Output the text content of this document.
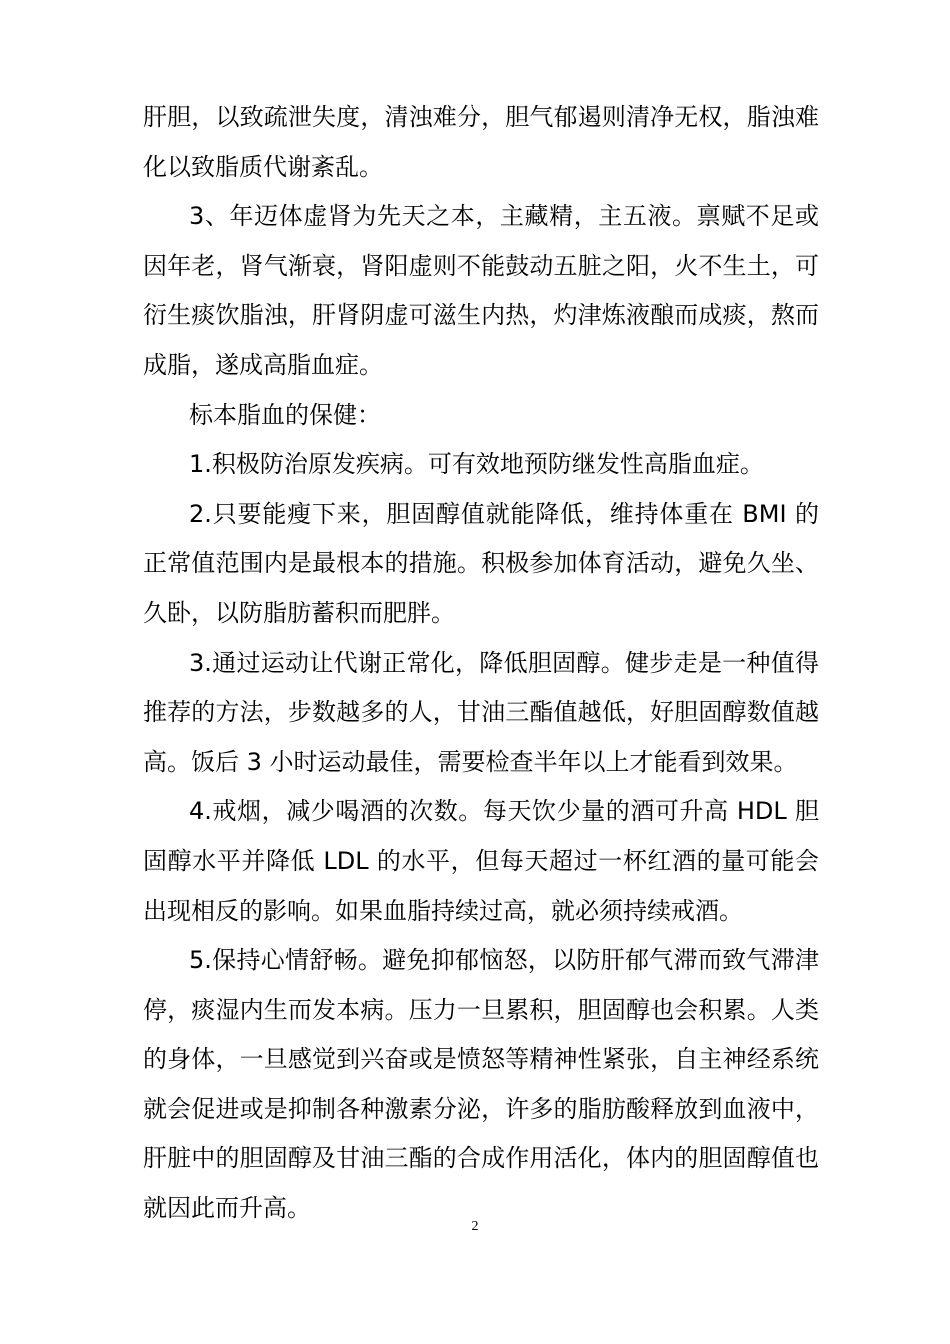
肝胆，以致疏泄失度，清浊难分，胆气郁遏则清净无权，脂浊难化以致脂质代谢紊乱。

3、年迈体虚肾为先天之本，主藏精，主五液。禀赋不足或因年老，肾气渐衰，肾阳虚则不能鼓动五脏之阳，火不生土，可衍生痰饮脂浊，肝肾阴虚可滋生内热，灼津炼液酿而成痰，熬而成脂，遂成高脂血症。

标本脂血的保健：

1.积极防治原发疾病。可有效地预防继发性高脂血症。

2.只要能瘦下来，胆固醇值就能降低，维持体重在 BMI 的正常值范围内是最根本的措施。积极参加体育活动，避免久坐、久卧，以防脂肪蓄积而肥胖。

3.通过运动让代谢正常化，降低胆固醇。健步走是一种值得推荐的方法，步数越多的人，甘油三酯值越低，好胆固醇数值越高。饭后 3 小时运动最佳，需要检查半年以上才能看到效果。

4.戒烟，减少喝酒的次数。每天饮少量的酒可升高 HDL 胆固醇水平并降低 LDL 的水平，但每天超过一杯红酒的量可能会出现相反的影响。如果血脂持续过高，就必须持续戒酒。

5.保持心情舒畅。避免抑郁恼怒，以防肝郁气滞而致气滞津停，痰湿内生而发本病。压力一旦累积，胆固醇也会积累。人类的身体，一旦感觉到兴奋或是愤怒等精神性紧张，自主神经系统就会促进或是抑制各种激素分泌，许多的脂肪酸释放到血液中，肝脏中的胆固醇及甘油三酯的合成作用活化，体内的胆固醇值也就因此而升高。

2
